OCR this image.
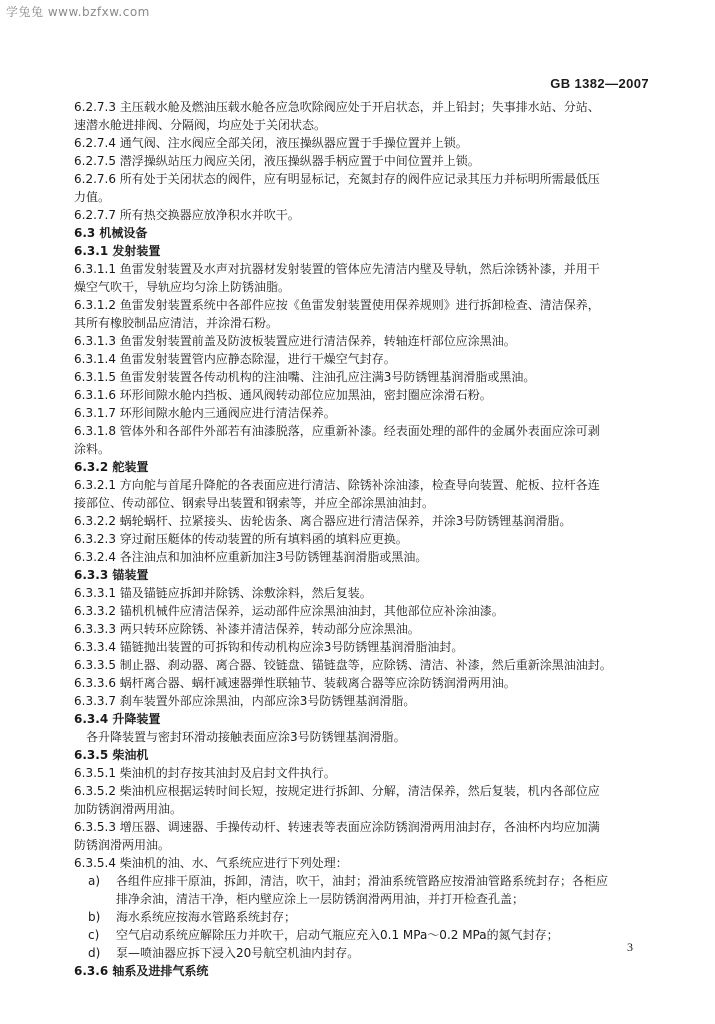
学兔兔 www.bzfxw.com
GB 1382—2007
6.2.7.3 主压载水舱及燃油压载水舱各应急吹除阀应处于开启状态，并上铅封；失事排水站、分站、
速潜水舱进排阀、分隔阀，均应处于关闭状态。
6.2.7.4 通气阀、注水阀应全部关闭，液压操纵器应置于手操位置并上锁。
6.2.7.5 潜浮操纵站压力阀应关闭，液压操纵器手柄应置于中间位置并上锁。
6.2.7.6 所有处于关闭状态的阀件，应有明显标记，充氮封存的阀件应记录其压力并标明所需最低压
力值。
6.2.7.7 所有热交换器应放净积水并吹干。
6.3 机械设备
6.3.1 发射装置
6.3.1.1 鱼雷发射装置及水声对抗器材发射装置的管体应先清洁内壁及导轨，然后涂锈补漆，并用干
燥空气吹干，导轨应均匀涂上防锈油脂。
6.3.1.2 鱼雷发射装置系统中各部件应按《鱼雷发射装置使用保养规则》进行拆卸检查、清洁保养，
其所有橡胶制品应清洁，并涂滑石粉。
6.3.1.3 鱼雷发射装置前盖及防波板装置应进行清洁保养，转轴连杆部位应涂黑油。
6.3.1.4 鱼雷发射装置管内应静态除湿，进行干燥空气封存。
6.3.1.5 鱼雷发射装置各传动机构的注油嘴、注油孔应注满3号防锈锂基润滑脂或黑油。
6.3.1.6 环形间隙水舱内挡板、通风阀转动部位应加黑油，密封圈应涂滑石粉。
6.3.1.7 环形间隙水舱内三通阀应进行清洁保养。
6.3.1.8 管体外和各部件外部若有油漆脱落，应重新补漆。经表面处理的部件的金属外表面应涂可剥
涂料。
6.3.2 舵装置
6.3.2.1 方向舵与首尾升降舵的各表面应进行清洁、除锈补涂油漆，检查导向装置、舵板、拉杆各连
接部位、传动部位、钢索导出装置和钢索等，并应全部涂黑油油封。
6.3.2.2 蜗轮蜗杆、拉紧接头、齿轮齿条、离合器应进行清洁保养，并涂3号防锈锂基润滑脂。
6.3.2.3 穿过耐压艇体的传动装置的所有填料函的填料应更换。
6.3.2.4 各注油点和加油杯应重新加注3号防锈锂基润滑脂或黑油。
6.3.3 锚装置
6.3.3.1 锚及锚链应拆卸并除锈、涂敷涂料，然后复装。
6.3.3.2 锚机机械件应清洁保养，运动部件应涂黑油油封，其他部位应补涂油漆。
6.3.3.3 两只转环应除锈、补漆并清洁保养，转动部分应涂黑油。
6.3.3.4 锚链抛出装置的可拆钩和传动机构应涂3号防锈锂基润滑脂油封。
6.3.3.5 制止器、刹动器、离合器、铰链盘、锚链盘等，应除锈、清洁、补漆，然后重新涂黑油油封。
6.3.3.6 蜗杆离合器、蜗杆减速器弹性联轴节、装载离合器等应涂防锈润滑两用油。
6.3.3.7 刹车装置外部应涂黑油，内部应涂3号防锈锂基润滑脂。
6.3.4 升降装置
各升降装置与密封环滑动接触表面应涂3号防锈锂基润滑脂。
6.3.5 柴油机
6.3.5.1 柴油机的封存按其油封及启封文件执行。
6.3.5.2 柴油机应根据运转时间长短，按规定进行拆卸、分解，清洁保养，然后复装，机内各部位应
加防锈润滑两用油。
6.3.5.3 增压器、调速器、手操传动杆、转速表等表面应涂防锈润滑两用油封存，各油杯内均应加满
防锈润滑两用油。
6.3.5.4 柴油机的油、水、气系统应进行下列处理：
a) 各组件应排干原油，拆卸，清洁，吹干，油封；滑油系统管路应按滑油管路系统封存；各柜应
排净余油，清洁干净，柜内壁应涂上一层防锈润滑两用油，并打开检查孔盖；
b) 海水系统应按海水管路系统封存；
c) 空气启动系统应解除压力并吹干，启动气瓶应充入0.1 MPa～0.2 MPa的氮气封存；
d) 泵—喷油器应拆下浸入20号航空机油内封存。
6.3.6 轴系及进排气系统
3
